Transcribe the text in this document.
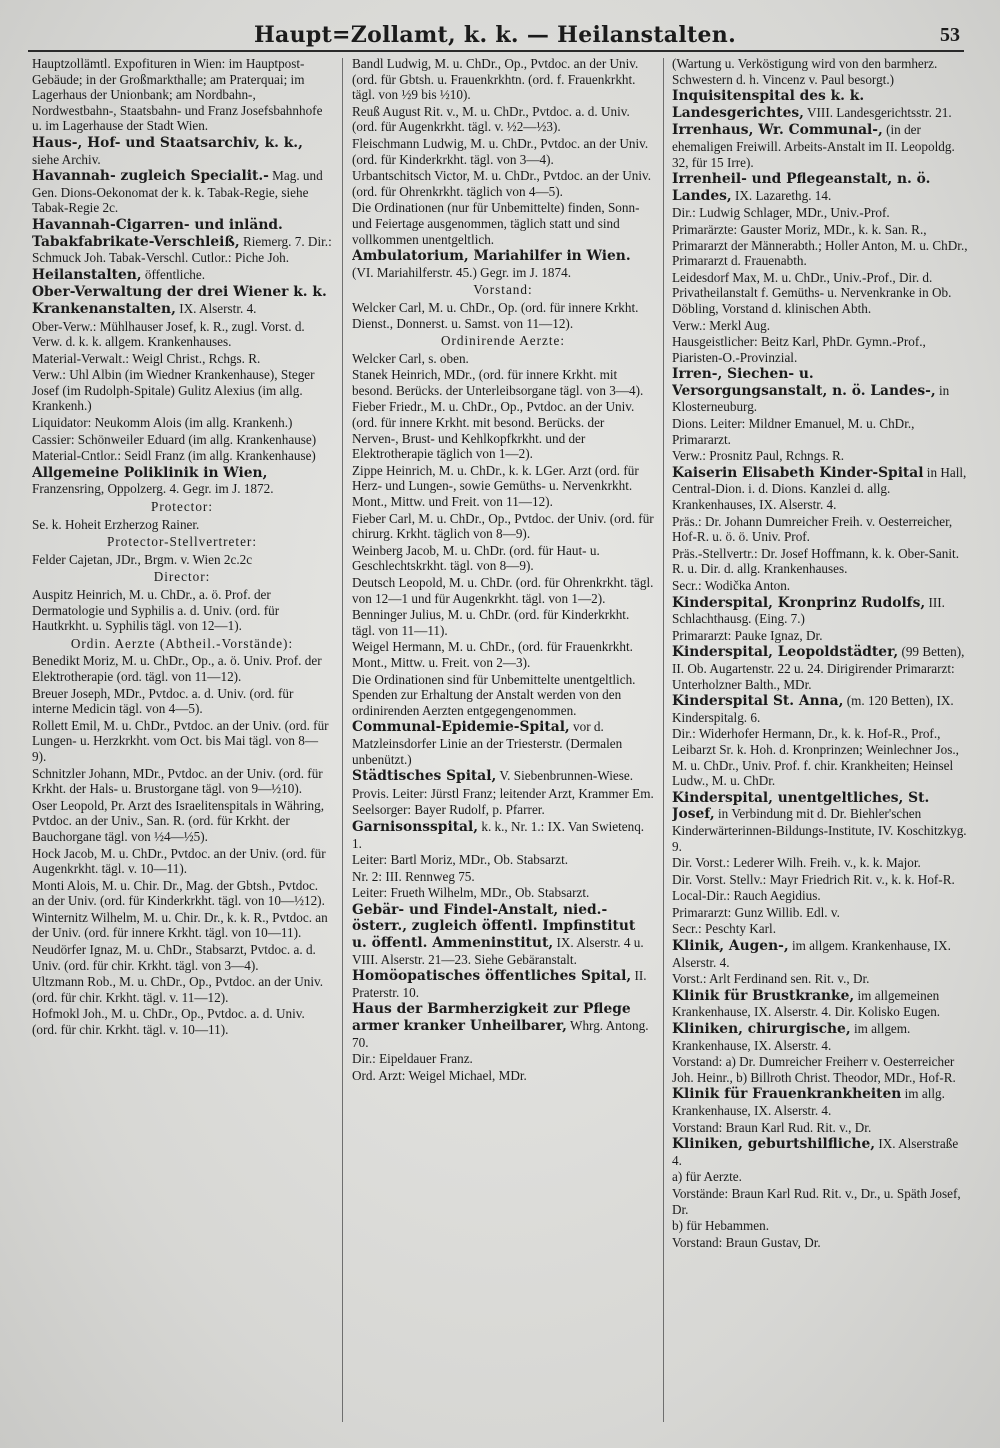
Haupt=Zollamt, k. k. — Heilanstalten.	53
Hauptzollämtl. Expofituren in Wien: im Hauptpost-Gebäude; in der Großmarkthalle; am Praterquai; im Lagerhaus der Unionbank; am Nordbahn-, Nordwestbahn-, Staatsbahn- und Franz Josefsbahnhofe u. im Lagerhause der Stadt Wien.
Haus-, Hof- und Staatsarchiv, k. k., siehe Archiv.
Havannah- zugleich Specialit.- Mag. und Gen. Dions-Oekonomat der k. k. Tabak-Regie, siehe Tabak-Regie 2c.
Havannah-Cigarren- und inländ. Tabakfabrikate-Verschleiß, Riemerg. 7. Dir.: Schmuck Joh. Tabak-Verschl. Cutlor.: Piche Joh.
Heilanstalten, öffentliche.
Ober-Verwaltung der drei Wiener k. k. Krankenanstalten, IX. Alserstr. 4.
Ober-Verw.: Mühlhauser Josef, k. R., zugl. Vorst. d. Verw. d. k. k. allgem. Krankenhauses.
Material-Verwalt.: Weigl Christ., Rchgs. R.
Verw.: Uhl Albin (im Wiedner Krankenhause), Steger Josef (im Rudolph-Spitale) Gulitz Alexius (im allg. Krankenh.)
Liquidator: Neukomm Alois (im allg. Krankenh.)
Cassier: Schönweiler Eduard (im allg. Krankenhause)
Material-Cntlor.: Seidl Franz (im allg. Krankenhause)
Allgemeine Poliklinik in Wien, Franzensring, Oppolzerg. 4. Gegr. im J. 1872.
Protector:
Se. k. Hoheit Erzherzog Rainer.
Protector-Stellvertreter:
Felder Cajetan, JDr., Brgm. v. Wien 2c.2c
Director:
Auspitz Heinrich, M. u. ChDr., a. ö. Prof. der Dermatologie und Syphilis a. d. Univ. (ord. für Hautkrkht. u. Syphilis tägl. von 12—1).
Ordin. Aerzte (Abtheil.-Vorstände):
Benedikt Moriz, M. u. ChDr., Op., a. ö. Univ. Prof. der Elektrotherapie (ord. tägl. von 11—12).
Breuer Joseph, MDr., Pvtdoc. a. d. Univ. (ord. für interne Medicin tägl. von 4—5).
Rollett Emil, M. u. ChDr., Pvtdoc. an der Univ. (ord. für Lungen- u. Herzkrkht. vom Oct. bis Mai tägl. von 8—9).
Schnitzler Johann, MDr., Pvtdoc. an der Univ. (ord. für Krkht. der Hals- u. Brustorgane tägl. von 9—½10).
Oser Leopold, Pr. Arzt des Israelitenspitals in Währing, Pvtdoc. an der Univ., San. R. (ord. für Krkht. der Bauchorgane tägl. von ½4—½5).
Hock Jacob, M. u. ChDr., Pvtdoc. an der Univ. (ord. für Augenkrkht. tägl. v. 10—11).
Monti Alois, M. u. Chir. Dr., Mag. der Gbtsh., Pvtdoc. an der Univ. (ord. für Kinderkrkht. tägl. von 10—½12).
Winternitz Wilhelm, M. u. Chir. Dr., k. k. R., Pvtdoc. an der Univ. (ord. für innere Krkht. tägl. von 10—11).
Neudörfer Ignaz, M. u. ChDr., Stabsarzt, Pvtdoc. a. d. Univ. (ord. für chir. Krkht. tägl. von 3—4).
Ultzmann Rob., M. u. ChDr., Op., Pvtdoc. an der Univ. (ord. für chir. Krkht. tägl. v. 11—12).
Hofmokl Joh., M. u. ChDr., Op., Pvtdoc. a. d. Univ. (ord. für chir. Krkht. tägl. v. 10—11).
Bandl Ludwig, M. u. ChDr., Op., Pvtdoc. an der Univ. (ord. für Gbtsh. u. Frauenkrkhtn. (ord. f. Frauenkrkht. tägl. von ½9 bis ½10).
Reuß August Rit. v., M. u. ChDr., Pvtdoc. a. d. Univ. (ord. für Augenkrkht. tägl. v. ½2—½3).
Fleischmann Ludwig, M. u. ChDr., Pvtdoc. an der Univ. (ord. für Kinderkrkht. tägl. von 3—4).
Urbantschitsch Victor, M. u. ChDr., Pvtdoc. an der Univ. (ord. für Ohrenkrkht. täglich von 4—5).
Die Ordinationen (nur für Unbemittelte) finden, Sonn- und Feiertage ausgenommen, täglich statt und sind vollkommen unentgeltlich.
Ambulatorium, Mariahilfer in Wien. (VI. Mariahilferstr. 45.) Gegr. im J. 1874.
Vorstand:
Welcker Carl, M. u. ChDr., Op. (ord. für innere Krkht. Dienst., Donnerst. u. Samst. von 11—12).
Ordinirende Aerzte:
Welcker Carl, s. oben.
Stanek Heinrich, MDr., (ord. für innere Krkht. mit besond. Berücks. der Unterleibsorgane tägl. von 3—4).
Fieber Friedr., M. u. ChDr., Op., Pvtdoc. an der Univ. (ord. für innere Krkht. mit besond. Berücks. der Nerven-, Brust- und Kehlkopfkrkht. und der Elektrotherapie täglich von 1—2).
Zippe Heinrich, M. u. ChDr., k. k. LGer. Arzt (ord. für Herz- und Lungen-, sowie Gemüths- u. Nervenkrkht. Mont., Mittw. und Freit. von 11—12).
Fieber Carl, M. u. ChDr., Op., Pvtdoc. der Univ. (ord. für chirurg. Krkht. täglich von 8—9).
Weinberg Jacob, M. u. ChDr. (ord. für Haut- u. Geschlechtskrkht. tägl. von 8—9).
Deutsch Leopold, M. u. ChDr. (ord. für Ohrenkrkht. tägl. von 12—1 und für Augenkrkht. tägl. von 1—2).
Benninger Julius, M. u. ChDr. (ord. für Kinderkrkht. tägl. von 11—11).
Weigel Hermann, M. u. ChDr., (ord. für Frauenkrkht. Mont., Mittw. u. Freit. von 2—3).
Die Ordinationen sind für Unbemittelte unentgeltlich. Spenden zur Erhaltung der Anstalt werden von den ordinirenden Aerzten entgegengenommen.
Communal-Epidemie-Spital, vor d. Matzleinsdorfer Linie an der Triesterstr. (Dermalen unbenützt.)
Städtisches Spital, V. Siebenbrunnen-Wiese.
Provis. Leiter: Jürstl Franz; leitender Arzt, Krammer Em.
Seelsorger: Bayer Rudolf, p. Pfarrer.
Garnisonsspital, k. k., Nr. 1.: IX. Van Swietenq. 1.
Leiter: Bartl Moriz, MDr., Ob. Stabsarzt.
Nr. 2: III. Rennweg 75.
Leiter: Frueth Wilhelm, MDr., Ob. Stabsarzt.
Gebär- und Findel-Anstalt, nied.-österr., zugleich öffentl. Impfinstitut u. öffentl. Ammeninstitut, IX. Alserstr. 4 u. VIII. Alserstr. 21—23. Siehe Gebäranstalt.
Homöopatisches öffentliches Spital, II. Praterstr. 10.
Haus der Barmherzigkeit zur Pflege armer kranker Unheilbarer, Whrg. Antong. 70.
Dir.: Eipeldauer Franz.
Ord. Arzt: Weigel Michael, MDr.
(Wartung u. Verköstigung wird von den barmherz. Schwestern d. h. Vincenz v. Paul besorgt.)
Inquisitenspital des k. k. Landesgerichtes, VIII. Landesgerichtsstr. 21.
Irrenhaus, Wr. Communal-, (in der ehemaligen Freiwill. Arbeits-Anstalt im II. Leopoldg. 32, für 15 Irre).
Irrenheil- und Pflegeanstalt, n. ö. Landes, IX. Lazarethg. 14.
Dir.: Ludwig Schlager, MDr., Univ.-Prof.
Primarärzte: Gauster Moriz, MDr., k. k. San. R., Primararzt der Männerabth.; Holler Anton, M. u. ChDr., Primararzt d. Frauenabth.
Leidesdorf Max, M. u. ChDr., Univ.-Prof., Dir. d. Privatheilanstalt f. Gemüths- u. Nervenkranke in Ob. Döbling, Vorstand d. klinischen Abth.
Verw.: Merkl Aug.
Hausgeistlicher: Beitz Karl, PhDr. Gymn.-Prof., Piaristen-O.-Provinzial.
Irren-, Siechen- u. Versorgungsanstalt, n. ö. Landes-, in Klosterneuburg.
Dions. Leiter: Mildner Emanuel, M. u. ChDr., Primararzt.
Verw.: Prosnitz Paul, Rchngs. R.
Kaiserin Elisabeth Kinder-Spital in Hall, Central-Dion. i. d. Dions. Kanzlei d. allg. Krankenhauses, IX. Alserstr. 4.
Präs.: Dr. Johann Dumreicher Freih. v. Oesterreicher, Hof-R. u. ö. ö. Univ. Prof.
Präs.-Stellvertr.: Dr. Josef Hoffmann, k. k. Ober-Sanit. R. u. Dir. d. allg. Krankenhauses.
Secr.: Wodička Anton.
Kinderspital, Kronprinz Rudolfs, III. Schlachthausg. (Eing. 7.)
Primararzt: Pauke Ignaz, Dr.
Kinderspital, Leopoldstädter, (99 Betten), II. Ob. Augartenstr. 22 u. 24. Dirigirender Primararzt: Unterholzner Balth., MDr.
Kinderspital St. Anna, (m. 120 Betten), IX. Kinderspitalg. 6.
Dir.: Widerhofer Hermann, Dr., k. k. Hof-R., Prof., Leibarzt Sr. k. Hoh. d. Kronprinzen; Weinlechner Jos., M. u. ChDr., Univ. Prof. f. chir. Krankheiten; Heinsel Ludw., M. u. ChDr.
Kinderspital, unentgeltliches, St. Josef, in Verbindung mit d. Dr. Biehler'schen Kinderwärterinnen-Bildungs-Institute, IV. Koschitzkyg. 9.
Dir. Vorst.: Lederer Wilh. Freih. v., k. k. Major.
Dir. Vorst. Stellv.: Mayr Friedrich Rit. v., k. k. Hof-R.
Local-Dir.: Rauch Aegidius.
Primararzt: Gunz Willib. Edl. v.
Secr.: Peschty Karl.
Klinik, Augen-, im allgem. Krankenhause, IX. Alserstr. 4.
Vorst.: Arlt Ferdinand sen. Rit. v., Dr.
Klinik für Brustkranke, im allgemeinen Krankenhause, IX. Alserstr. 4. Dir. Kolisko Eugen.
Kliniken, chirurgische, im allgem. Krankenhause, IX. Alserstr. 4.
Vorstand: a) Dr. Dumreicher Freiherr v. Oesterreicher Joh. Heinr., b) Billroth Christ. Theodor, MDr., Hof-R.
Klinik für Frauenkrankheiten im allg. Krankenhause, IX. Alserstr. 4.
Vorstand: Braun Karl Rud. Rit. v., Dr.
Kliniken, geburtshilfliche, IX. Alserstraße 4.
a) für Aerzte.
Vorstände: Braun Karl Rud. Rit. v., Dr., u. Späth Josef, Dr.
b) für Hebammen.
Vorstand: Braun Gustav, Dr.
